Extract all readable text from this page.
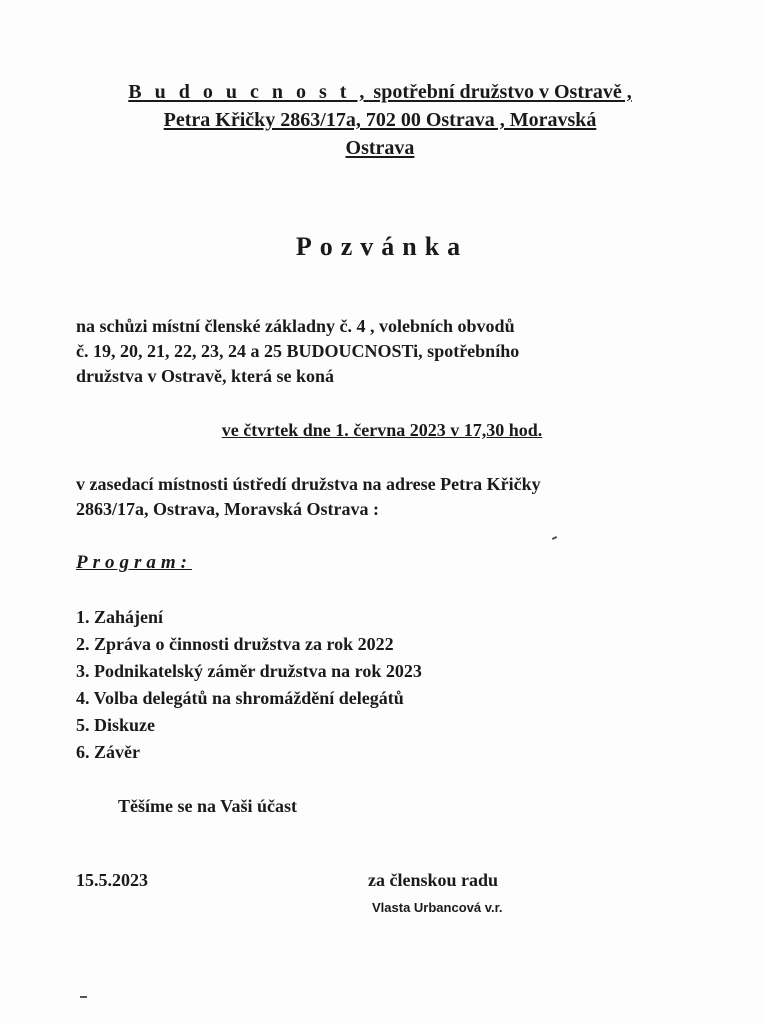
B u d o u c n o s t , spotřební družstvo v Ostravě ,
Petra Křičky 2863/17a, 702 00 Ostrava , Moravská
Ostrava
Pozvánka
na schůzi místní členské základny č. 4 , volebních obvodů
č. 19, 20, 21, 22, 23, 24 a 25 BUDOUCNOSTi, spotřebního
družstva v Ostravě, která se koná
ve čtvrtek dne 1. června 2023 v 17,30 hod.
v zasedací místnosti ústředí družstva na adrese Petra Křičky
2863/17a, Ostrava, Moravská Ostrava :
Program:
1. Zahájení
2. Zpráva o činnosti družstva za rok 2022
3. Podnikatelský záměr družstva na rok 2023
4. Volba delegátů na shromáždění delegátů
5. Diskuze
6. Závěr
Těšíme se na Vaši účast
15.5.2023	za členskou radu
Vlasta Urbancová v.r.
